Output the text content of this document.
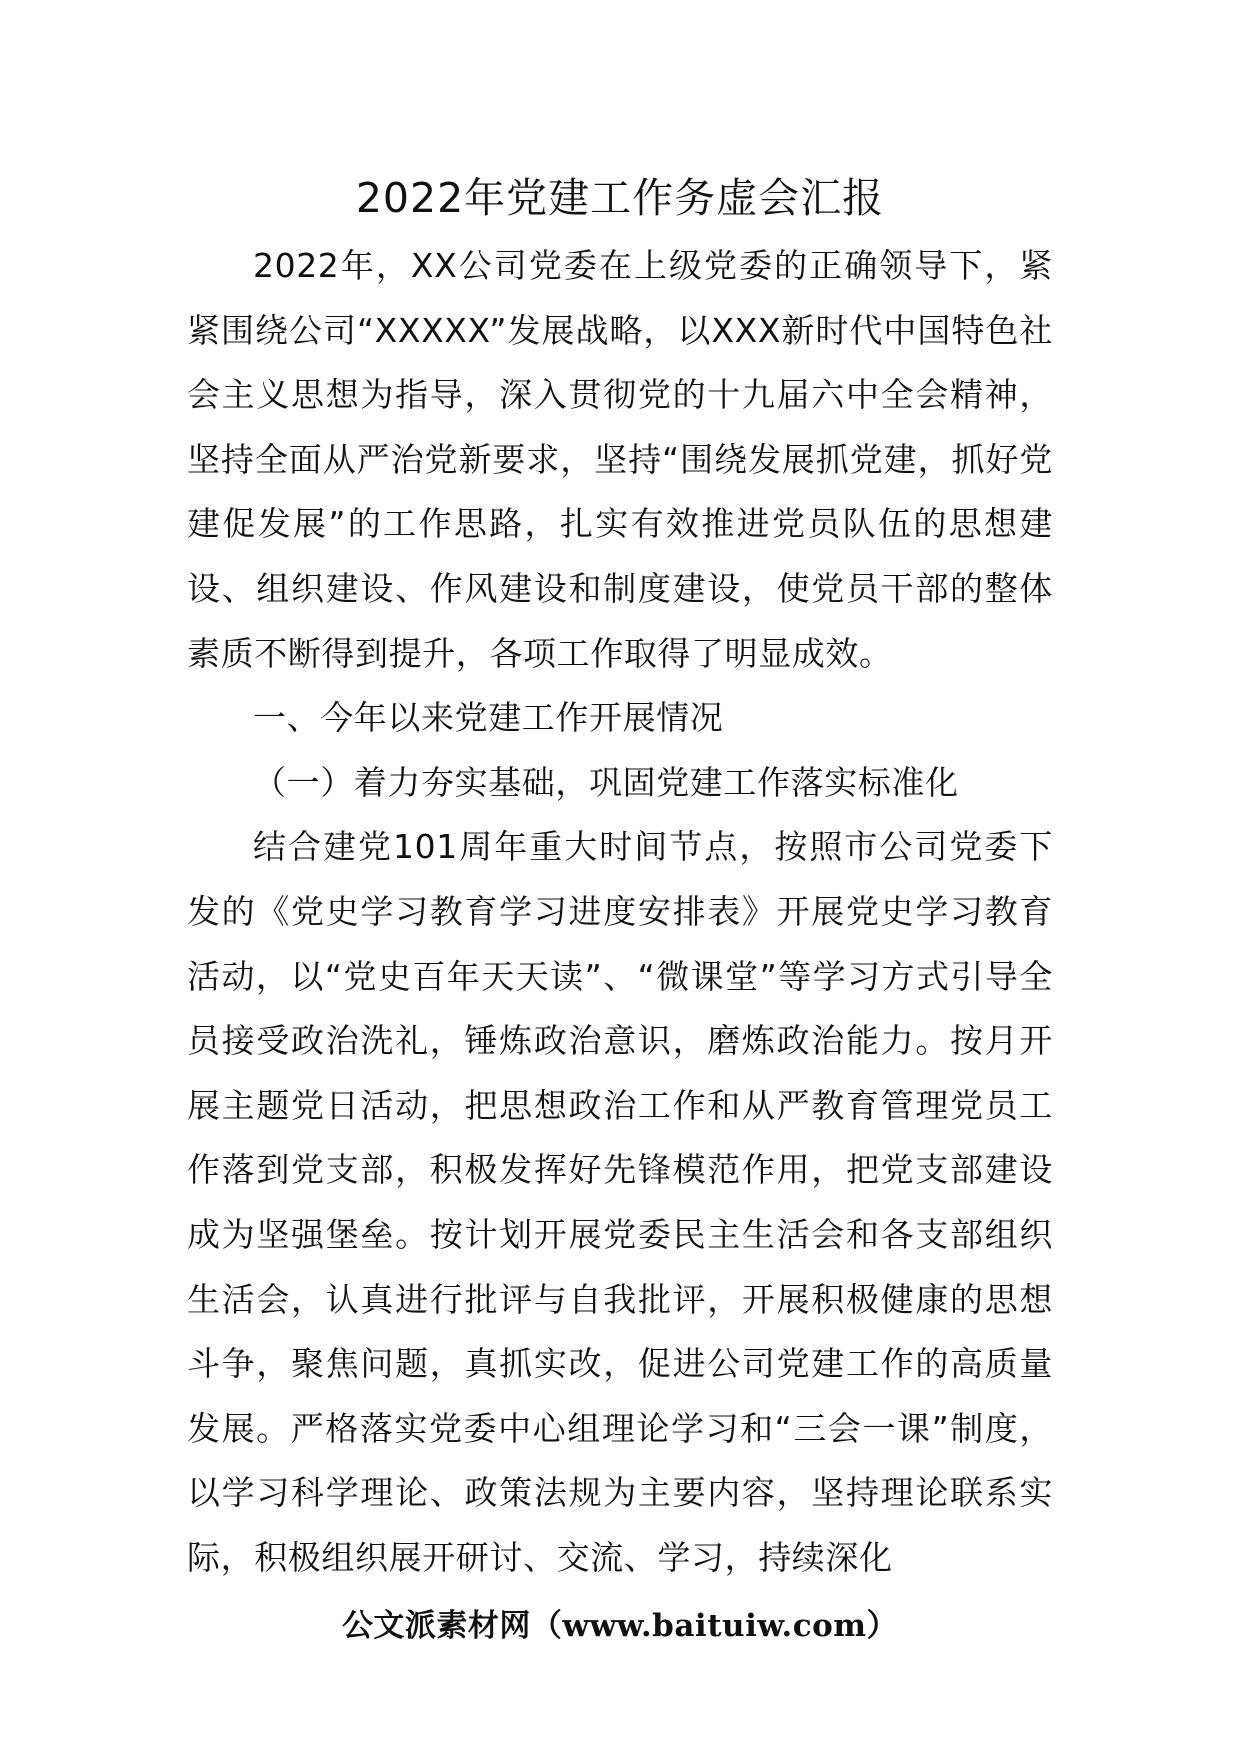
2022年党建工作务虚会汇报

2022年，XX公司党委在上级党委的正确领导下，紧紧围绕公司“XXXXX”发展战略，以XXX新时代中国特色社会主义思想为指导，深入贯彻党的十九届六中全会精神，坚持全面从严治党新要求，坚持“围绕发展抓党建，抓好党建促发展”的工作思路，扎实有效推进党员队伍的思想建设、组织建设、作风建设和制度建设，使党员干部的整体素质不断得到提升，各项工作取得了明显成效。

一、今年以来党建工作开展情况

（一）着力夯实基础，巩固党建工作落实标准化

结合建党101周年重大时间节点，按照市公司党委下发的《党史学习教育学习进度安排表》开展党史学习教育活动，以“党史百年天天读”、“微课堂”等学习方式引导全员接受政治洗礼，锤炼政治意识，磨炼政治能力。按月开展主题党日活动，把思想政治工作和从严教育管理党员工作落到党支部，积极发挥好先锋模范作用，把党支部建设成为坚强堡垒。按计划开展党委民主生活会和各支部组织生活会，认真进行批评与自我批评，开展积极健康的思想斗争，聚焦问题，真抓实改，促进公司党建工作的高质量发展。严格落实党委中心组理论学习和“三会一课”制度，以学习科学理论、政策法规为主要内容，坚持理论联系实际，积极组织展开研讨、交流、学习，持续深化

公文派素材网（www.baituiw.com）
